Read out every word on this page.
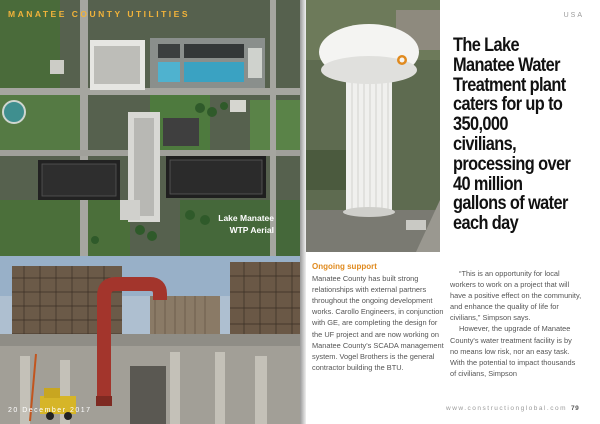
MANATEE COUNTY UTILITIES
Lake Manatee
WTP Aerial
20 December 2017
USA
The Lake Manatee Water Treatment plant caters for up to 350,000 civilians, processing over 40 million gallons of water each day
Ongoing support

Manatee County has built strong relationships with external partners throughout the ongoing development works. Carollo Engineers, in conjunction with GE, are completing the design for the UF project and are now working on Manatee County's SCADA management system. Vogel Brothers is the general contractor building the BTU.

“This is an opportunity for local workers to work on a project that will have a positive effect on the community, and enhance the quality of life for civilians,” Simpson says.

However, the upgrade of Manatee County's water treatment facility is by no means low risk, nor an easy task. With the potential to impact thousands of civilians, Simpson

www.constructionglobal.com 79
